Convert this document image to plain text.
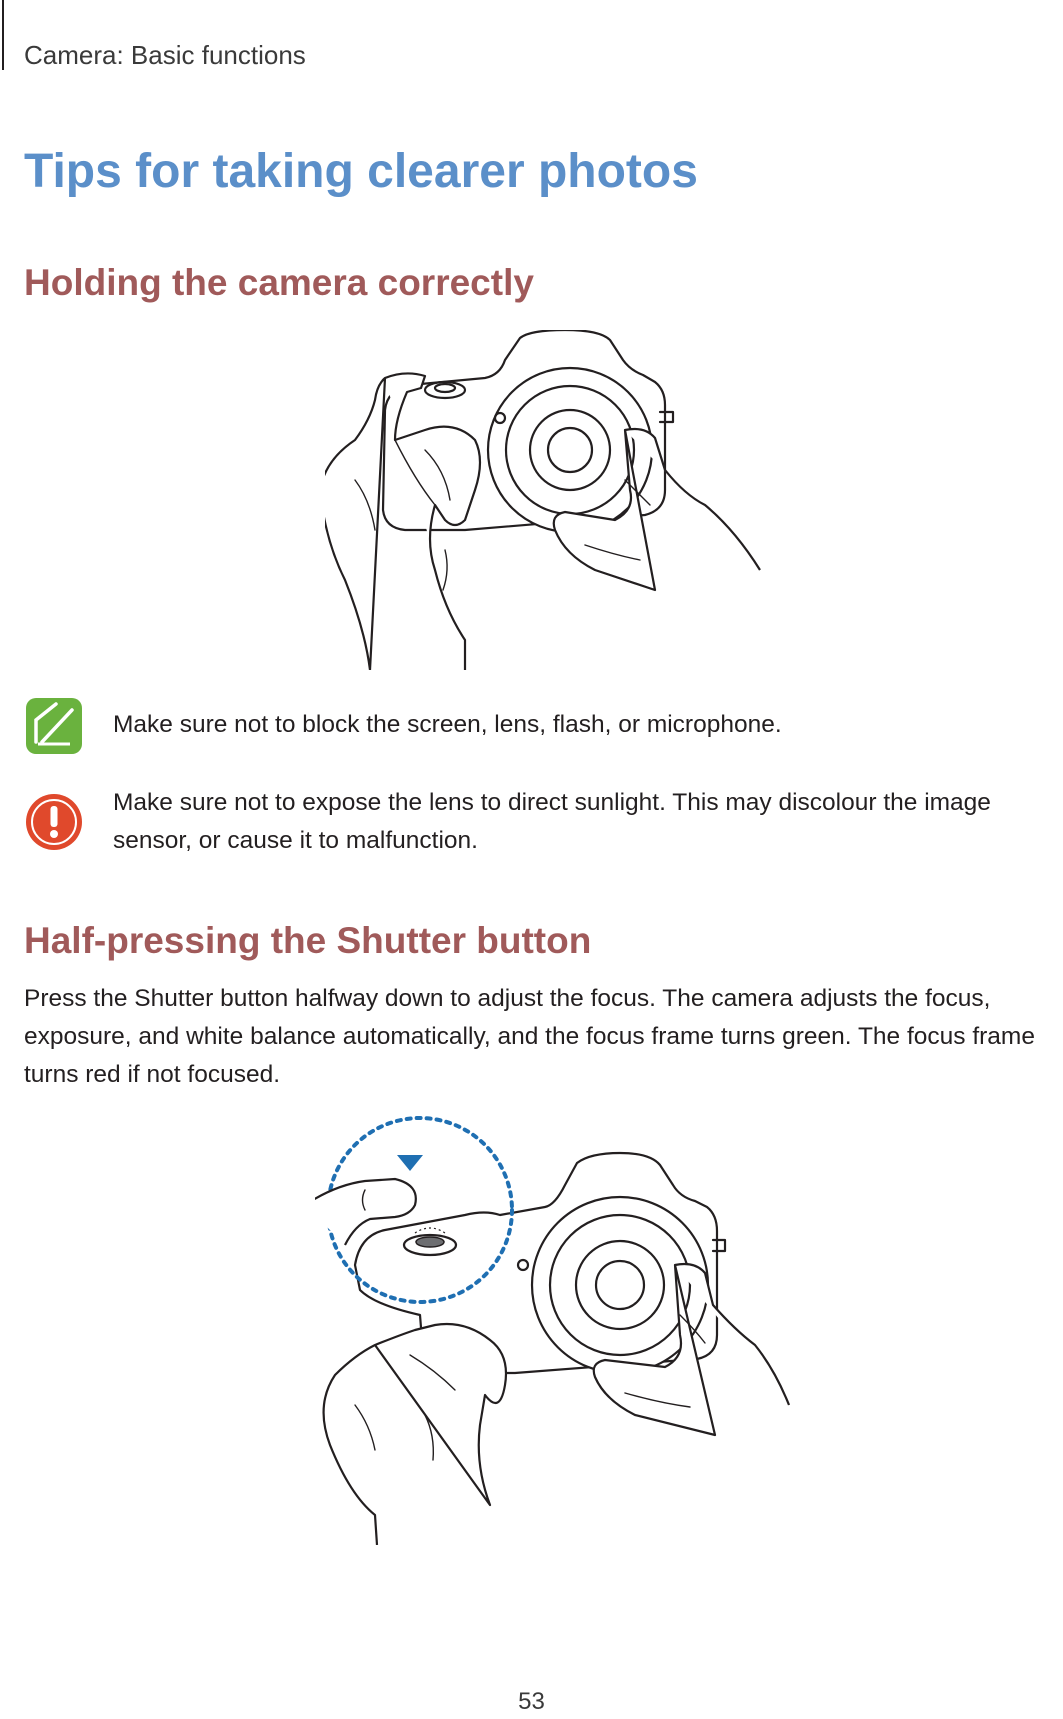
Camera: Basic functions
Tips for taking clearer photos
Holding the camera correctly
Make sure not to block the screen, lens, flash, or microphone.
Make sure not to expose the lens to direct sunlight. This may discolour the image sensor, or cause it to malfunction.
Half-pressing the Shutter button

Press the Shutter button halfway down to adjust the focus. The camera adjusts the focus, exposure, and white balance automatically, and the focus frame turns green. The focus frame turns red if not focused.

53
